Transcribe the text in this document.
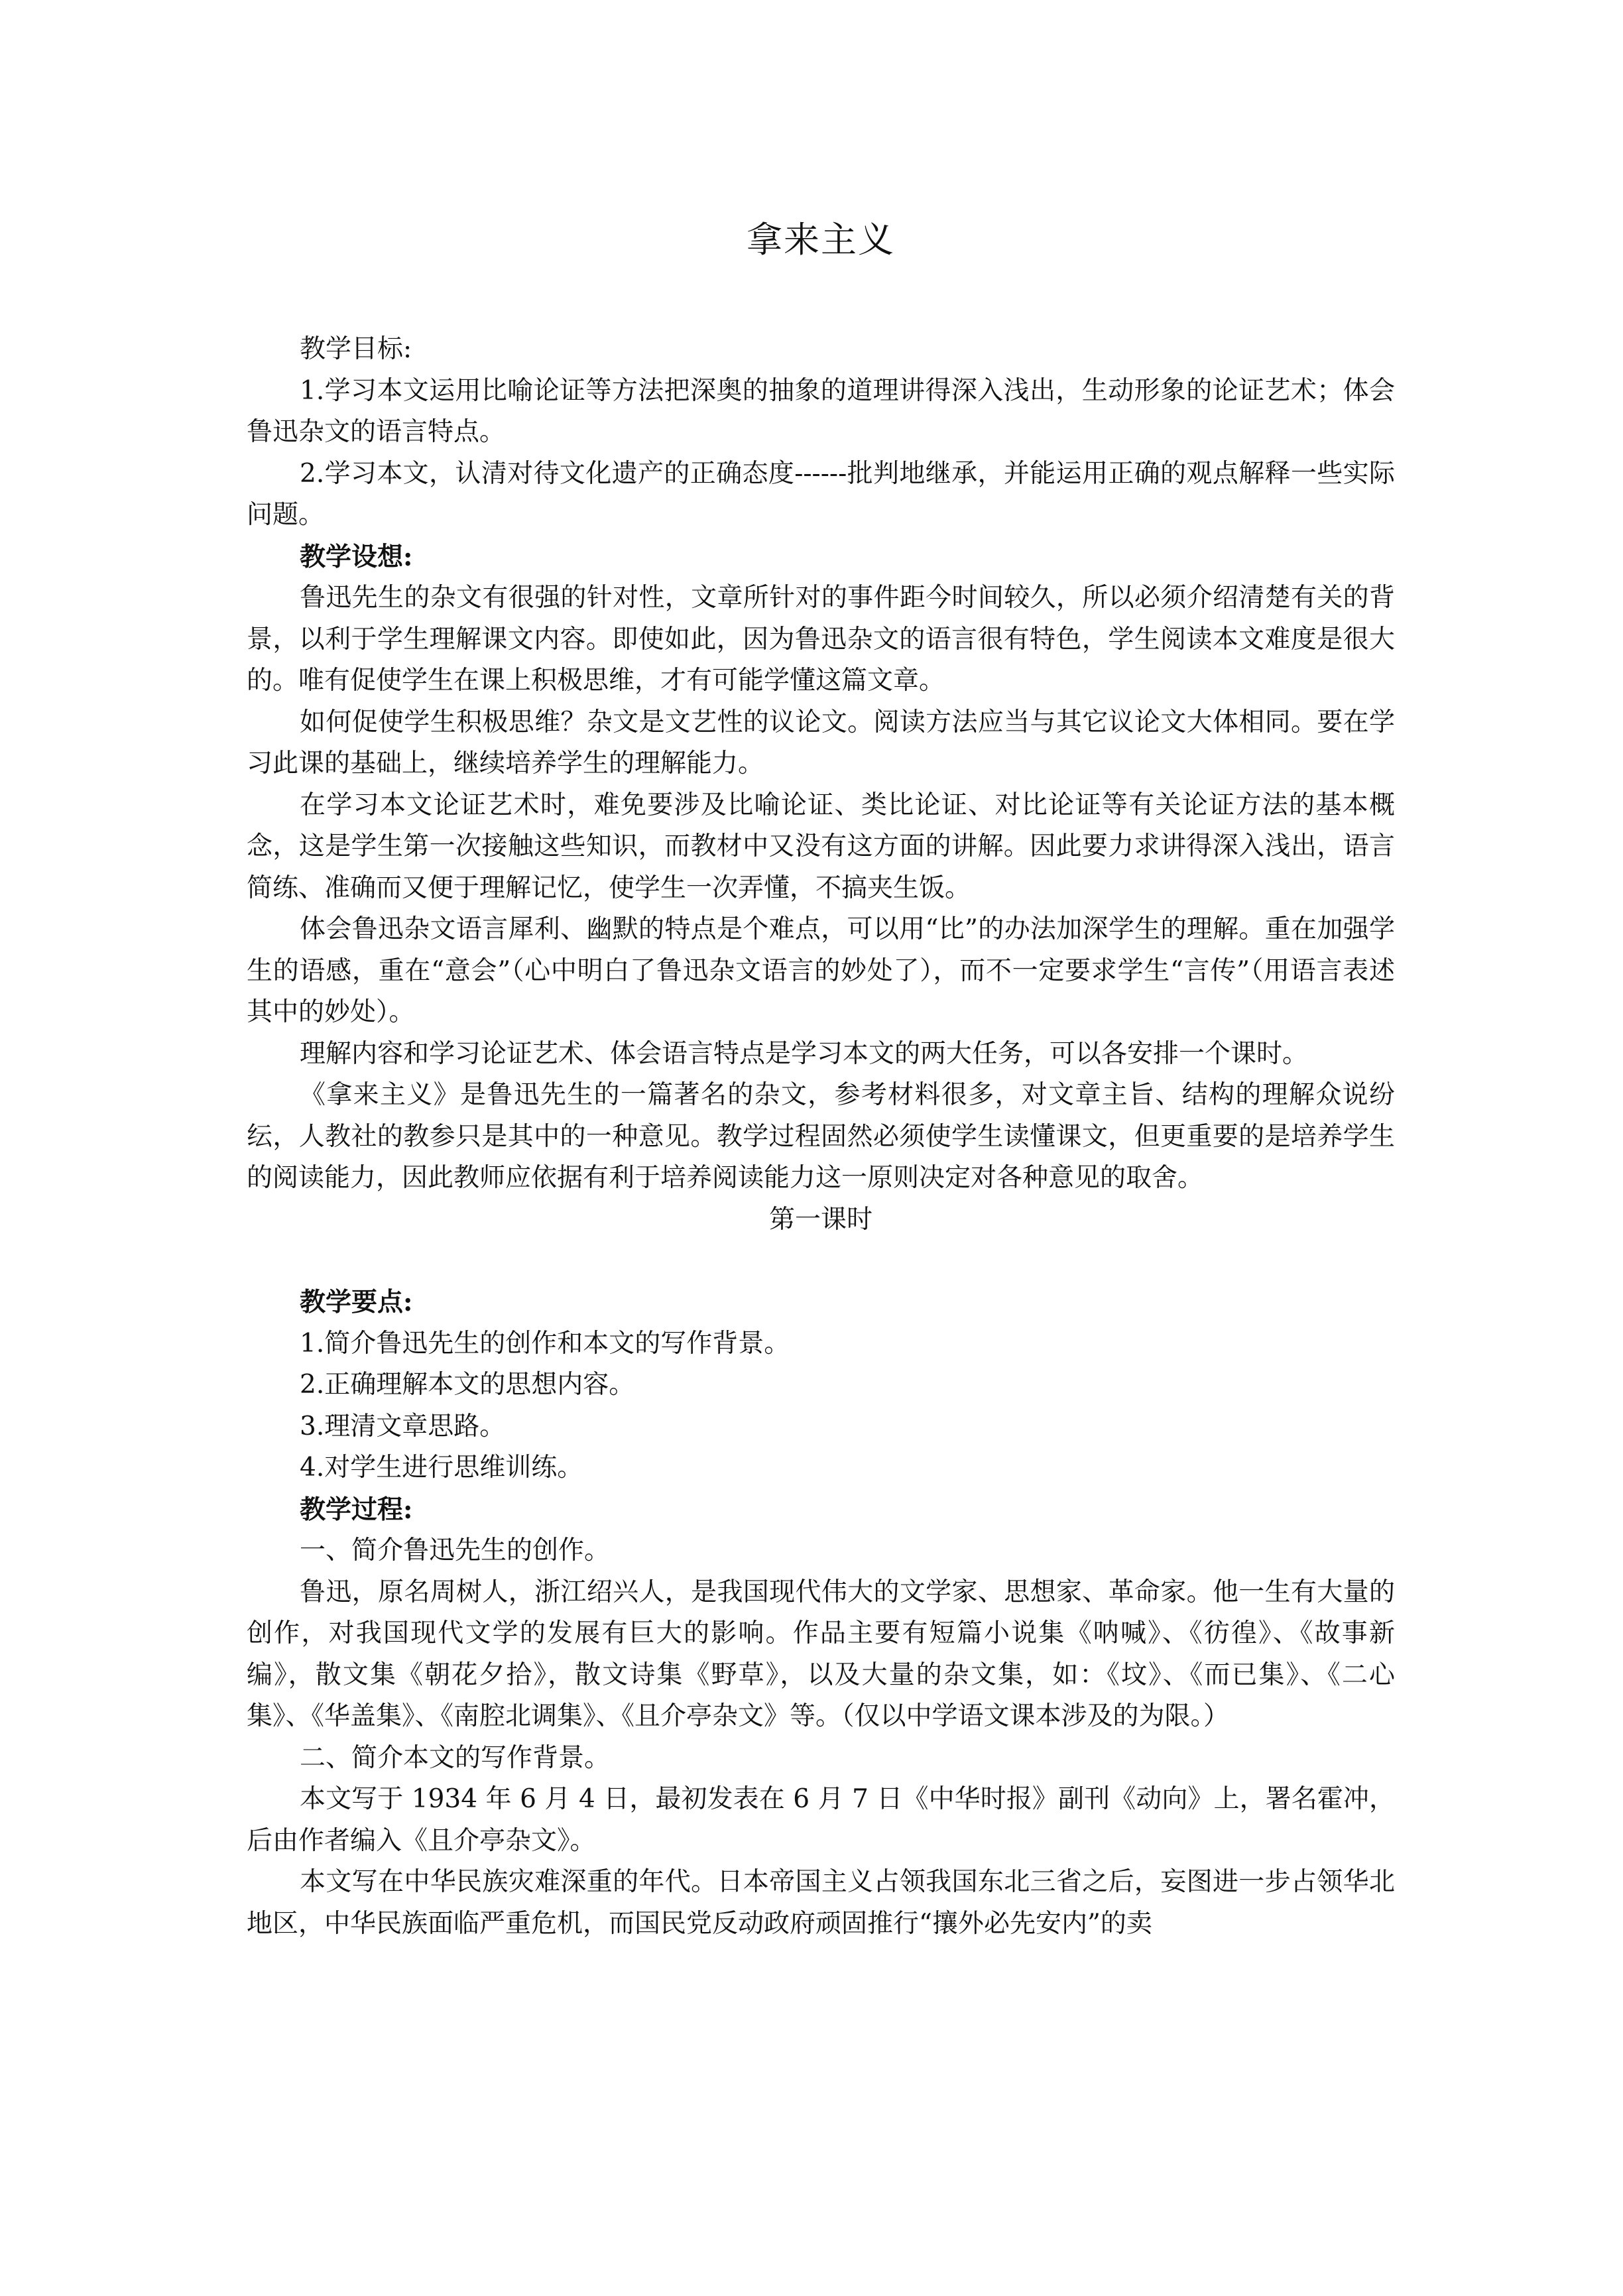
拿来主义

教学目标:

1.学习本文运用比喻论证等方法把深奥的抽象的道理讲得深入浅出，生动形象的论证艺术；体会鲁迅杂文的语言特点。

2.学习本文，认清对待文化遗产的正确态度------批判地继承，并能运用正确的观点解释一些实际问题。

教学设想:

鲁迅先生的杂文有很强的针对性，文章所针对的事件距今时间较久，所以必须介绍清楚有关的背景，以利于学生理解课文内容。即使如此，因为鲁迅杂文的语言很有特色，学生阅读本文难度是很大的。唯有促使学生在课上积极思维，才有可能学懂这篇文章。

如何促使学生积极思维？杂文是文艺性的议论文。阅读方法应当与其它议论文大体相同。要在学习此课的基础上，继续培养学生的理解能力。

在学习本文论证艺术时，难免要涉及比喻论证、类比论证、对比论证等有关论证方法的基本概念，这是学生第一次接触这些知识，而教材中又没有这方面的讲解。因此要力求讲得深入浅出，语言简练、准确而又便于理解记忆，使学生一次弄懂，不搞夹生饭。

体会鲁迅杂文语言犀利、幽默的特点是个难点，可以用“比”的办法加深学生的理解。重在加强学生的语感，重在“意会”（心中明白了鲁迅杂文语言的妙处了），而不一定要求学生“言传”（用语言表述其中的妙处）。

理解内容和学习论证艺术、体会语言特点是学习本文的两大任务，可以各安排一个课时。

《拿来主义》是鲁迅先生的一篇著名的杂文，参考材料很多，对文章主旨、结构的理解众说纷纭，人教社的教参只是其中的一种意见。教学过程固然必须使学生读懂课文，但更重要的是培养学生的阅读能力，因此教师应依据有利于培养阅读能力这一原则决定对各种意见的取舍。

第一课时

教学要点:

1.简介鲁迅先生的创作和本文的写作背景。

2.正确理解本文的思想内容。

3.理清文章思路。

4.对学生进行思维训练。

教学过程:

一、简介鲁迅先生的创作。

鲁迅，原名周树人，浙江绍兴人，是我国现代伟大的文学家、思想家、革命家。他一生有大量的创作，对我国现代文学的发展有巨大的影响。作品主要有短篇小说集《呐喊》、《彷徨》、《故事新编》，散文集《朝花夕拾》，散文诗集《野草》，以及大量的杂文集，如：《坟》、《而已集》、《二心集》、《华盖集》、《南腔北调集》、《且介亭杂文》等。（仅以中学语文课本涉及的为限。）

二、简介本文的写作背景。

本文写于 1934 年 6 月 4 日，最初发表在 6 月 7 日《中华时报》副刊《动向》上，署名霍冲，后由作者编入《且介亭杂文》。

本文写在中华民族灾难深重的年代。日本帝国主义占领我国东北三省之后，妄图进一步占领华北地区，中华民族面临严重危机，而国民党反动政府顽固推行“攘外必先安内”的卖
